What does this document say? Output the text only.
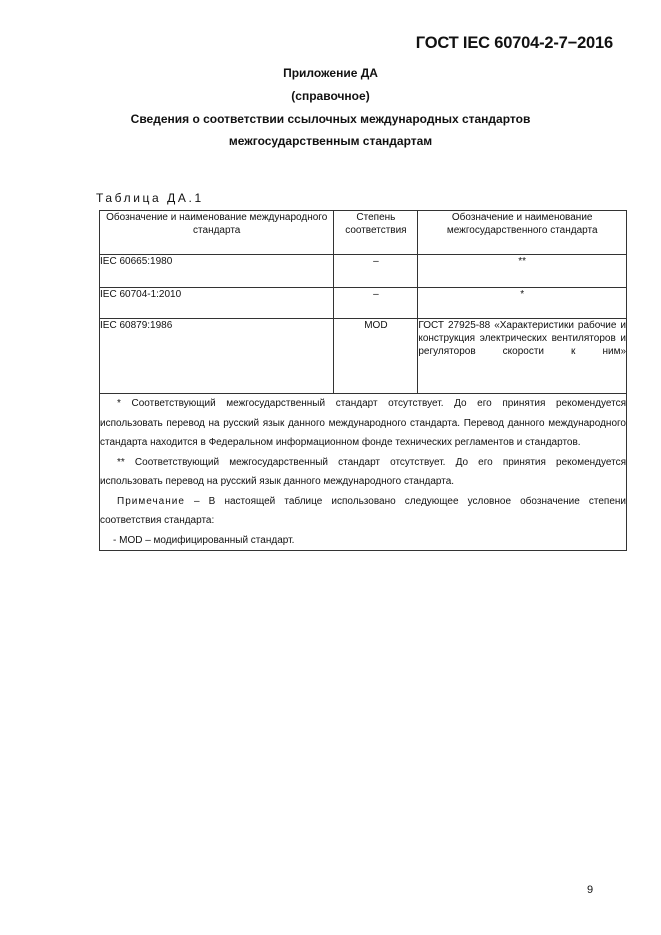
ГОСТ IEC 60704-2-7−2016
Приложение ДА
(справочное)
Сведения о соответствии ссылочных международных стандартов
межгосударственным стандартам
Таблица ДА.1
Обозначение и наименование международного стандарта	Степень соответствия	Обозначение и наименование межгосударственного стандарта
IEC 60665:1980	–	**
IEC 60704-1:2010	–	*
IEC 60879:1986	MOD	ГОСТ 27925-88 «Характеристики рабочие и конструкция электрических вентиляторов и регуляторов скорости к ним»

* Соответствующий межгосударственный стандарт отсутствует. До его принятия рекомендуется использовать перевод на русский язык данного международного стандарта. Перевод данного международного стандарта находится в Федеральном информационном фонде технических регламентов и стандартов.
** Соответствующий межгосударственный стандарт отсутствует. До его принятия рекомендуется использовать перевод на русский язык данного международного стандарта.
Примечание – В настоящей таблице использовано следующее условное обозначение степени соответствия стандарта:
- MOD – модифицированный стандарт.		
9
